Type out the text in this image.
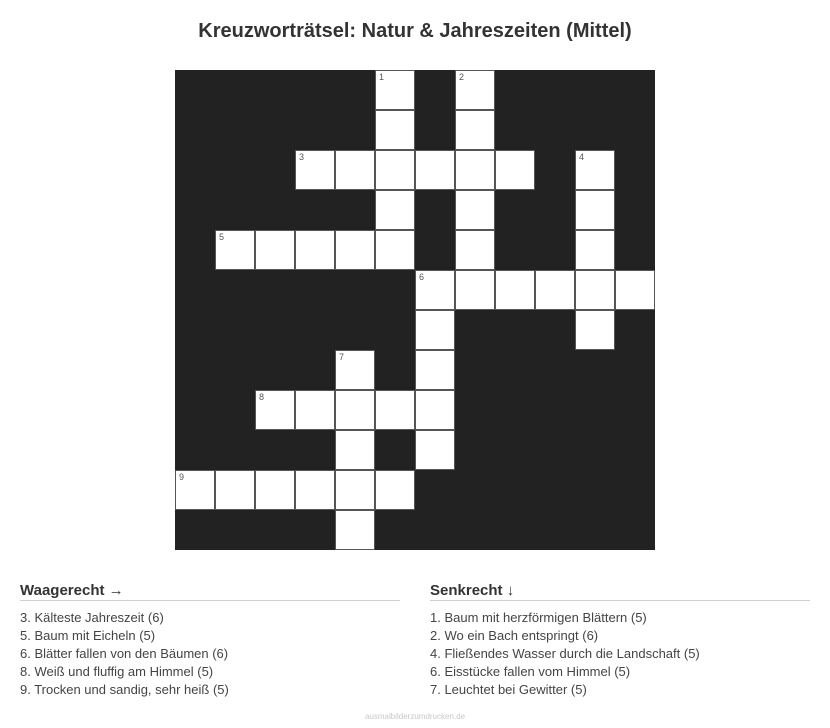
Kreuzworträtsel: Natur & Jahreszeiten (Mittel)
1	2
3	4
5
6
7
8
9
Waagerecht →
3. Kälteste Jahreszeit (6)
5. Baum mit Eicheln (5)
6. Blätter fallen von den Bäumen (6)
8. Weiß und fluffig am Himmel (5)
9. Trocken und sandig, sehr heiß (5)
Senkrecht ↓
1. Baum mit herzförmigen Blättern (5)
2. Wo ein Bach entspringt (6)
4. Fließendes Wasser durch die Landschaft (5)
6. Eisstücke fallen vom Himmel (5)
7. Leuchtet bei Gewitter (5)
ausmalbilderzumdrucken.de
